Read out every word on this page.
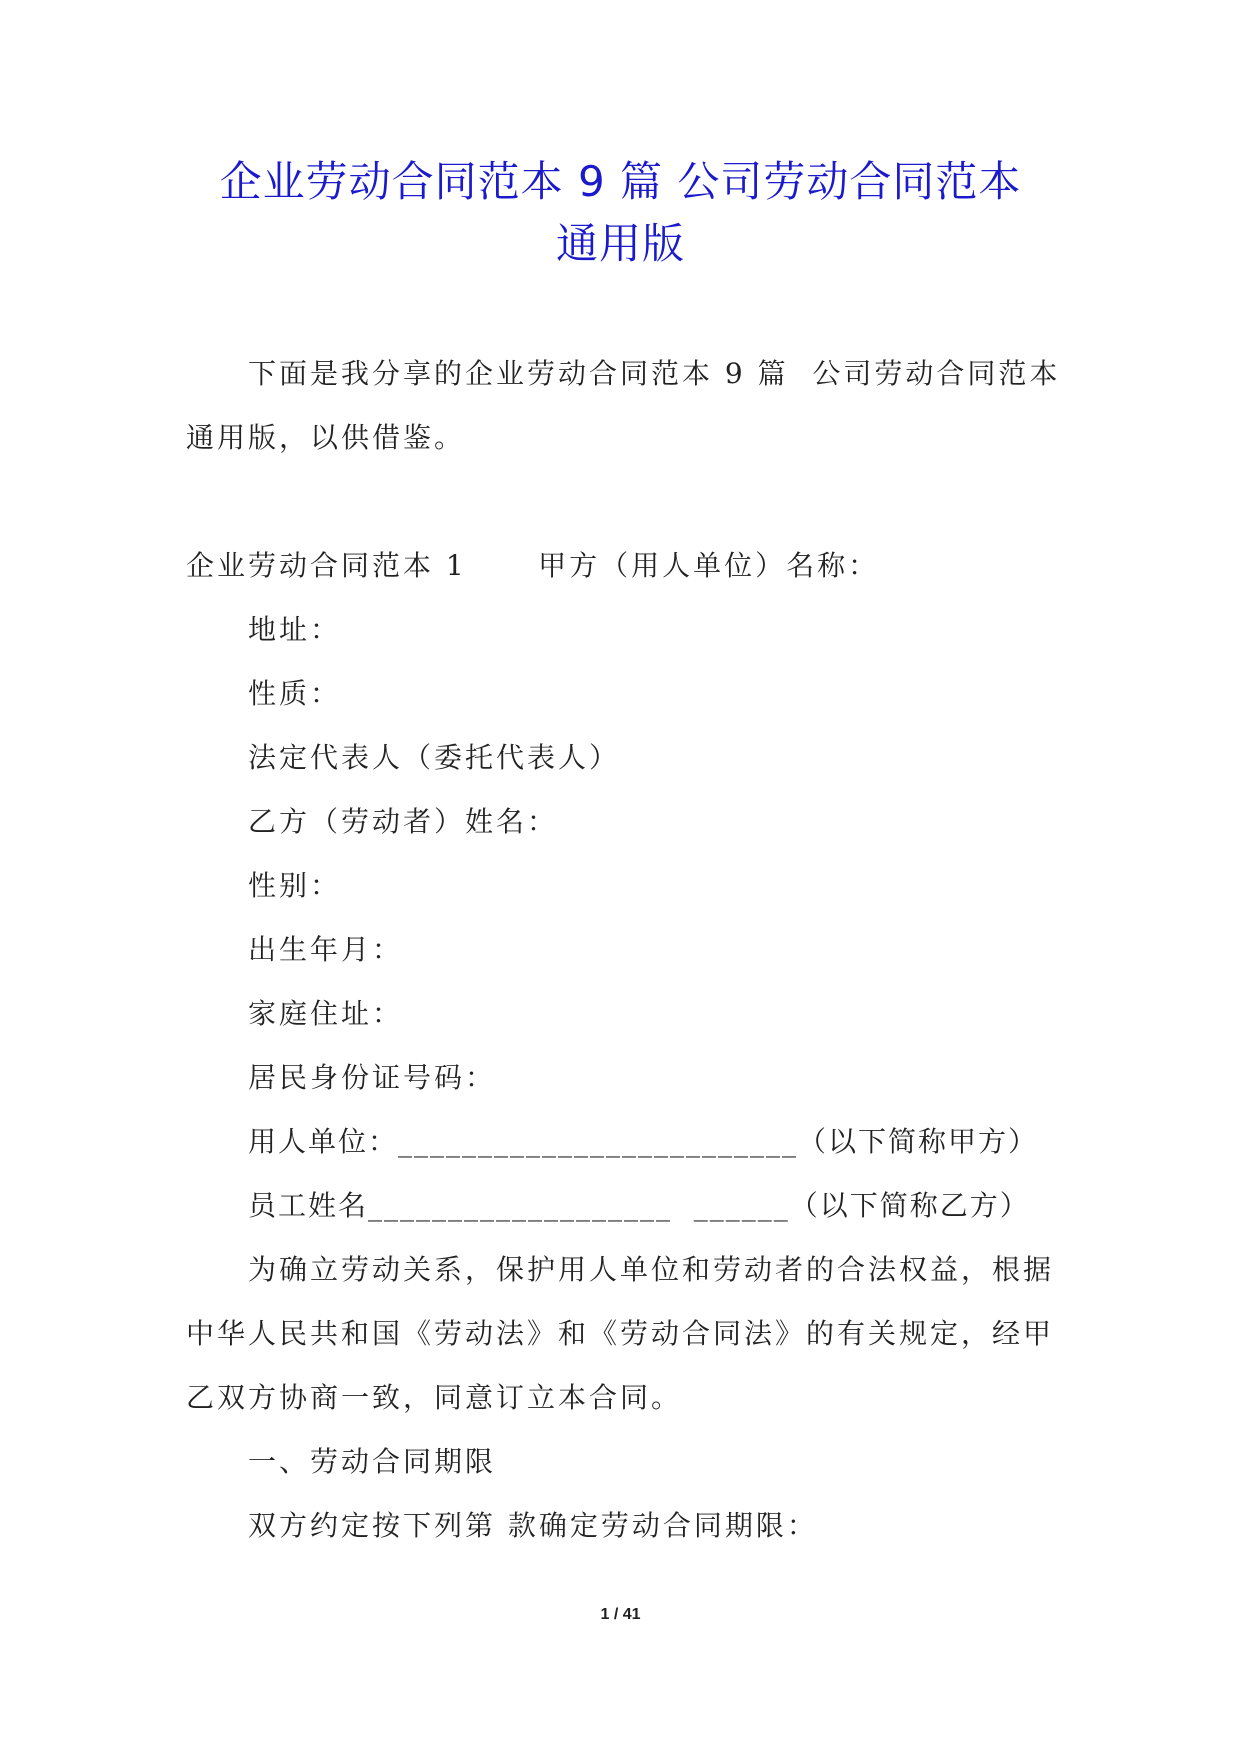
企业劳动合同范本 9 篇 公司劳动合同范本
通用版
下面是我分享的企业劳动合同范本 9 篇  公司劳动合同范本
通用版，以供借鉴。
企业劳动合同范本 1      甲方（用人单位）名称：
地址：
性质：
法定代表人（委托代表人）
乙方（劳动者）姓名：
性别：
出生年月：
家庭住址：
居民身份证号码：
用人单位：_________________________（以下简称甲方）
员工姓名___________________  ______（以下简称乙方）
为确立劳动关系，保护用人单位和劳动者的合法权益，根据
中华人民共和国《劳动法》和《劳动合同法》的有关规定，经甲
乙双方协商一致，同意订立本合同。
一、劳动合同期限
双方约定按下列第 款确定劳动合同期限：
1 / 41
